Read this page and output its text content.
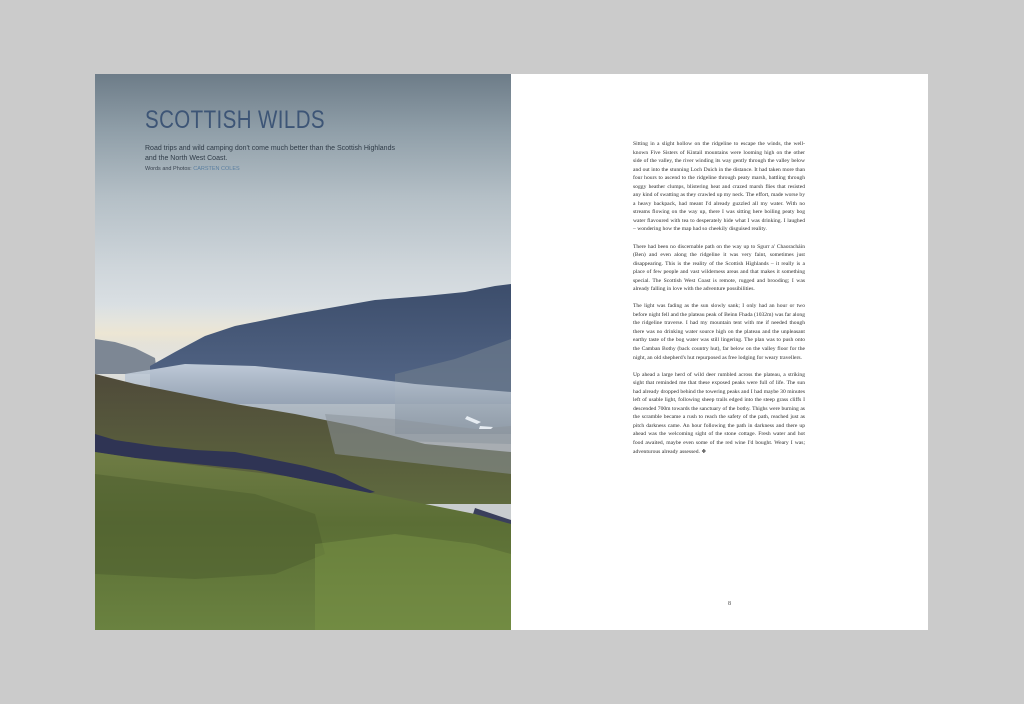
SCOTTISH WILDS

Road trips and wild camping don't come much better than the Scottish Highlands and the North West Coast.

Words and Photos: CARSTEN COLES

Sitting in a slight hollow on the ridgeline to escape the winds, the well-known Five Sisters of Kintail mountains were looming high on the other side of the valley, the river winding its way gently through the valley below and out into the stunning Loch Duich in the distance. It had taken more than four hours to ascend to the ridgeline through peaty marsh, battling through soggy heather clumps, blistering heat and crazed marsh flies that resisted any kind of swatting as they crawled up my neck. The effort, made worse by a heavy backpack, had meant I'd already guzzled all my water. With no streams flowing on the way up, there I was sitting here boiling peaty bog water flavoured with tea to desperately hide what I was drinking. I laughed – wondering how the map had so cheekily disguised reality.

There had been no discernable path on the way up to Sgurr a' Chaoracháin (Ben) and even along the ridgeline it was very faint, sometimes just disappearing. This is the reality of the Scottish Highlands – it really is a place of few people and vast wilderness areas and that makes it something special. The Scottish West Coast is remote, rugged and brooding; I was already falling in love with the adventure possibilities.

The light was fading as the sun slowly sank; I only had an hour or two before night fell and the plateau peak of Beinn Fhada (1032m) was far along the ridgeline traverse. I had my mountain tent with me if needed though there was no drinking water source high on the plateau and the unpleasant earthy taste of the bog water was still lingering. The plan was to push onto the Camban Bothy (back country hut), far below on the valley floor for the night, an old shepherd's hut repurposed as free lodging for weary travellers.

Up ahead a large herd of wild deer rumbled across the plateau, a striking sight that reminded me that these exposed peaks were full of life. The sun had already dropped behind the towering peaks and I had maybe 30 minutes left of usable light, following sheep trails edged into the steep grass cliffs I descended 700m towards the sanctuary of the bothy. Thighs were burning as the scramble became a rush to reach the safety of the path, reached just as pitch darkness came. An hour following the path in darkness and there up ahead was the welcoming sight of the stone cottage. Fresh water and hot food awaited, maybe even some of the red wine I'd bought. Weary I was; adventurous already assessed. ❖

8
